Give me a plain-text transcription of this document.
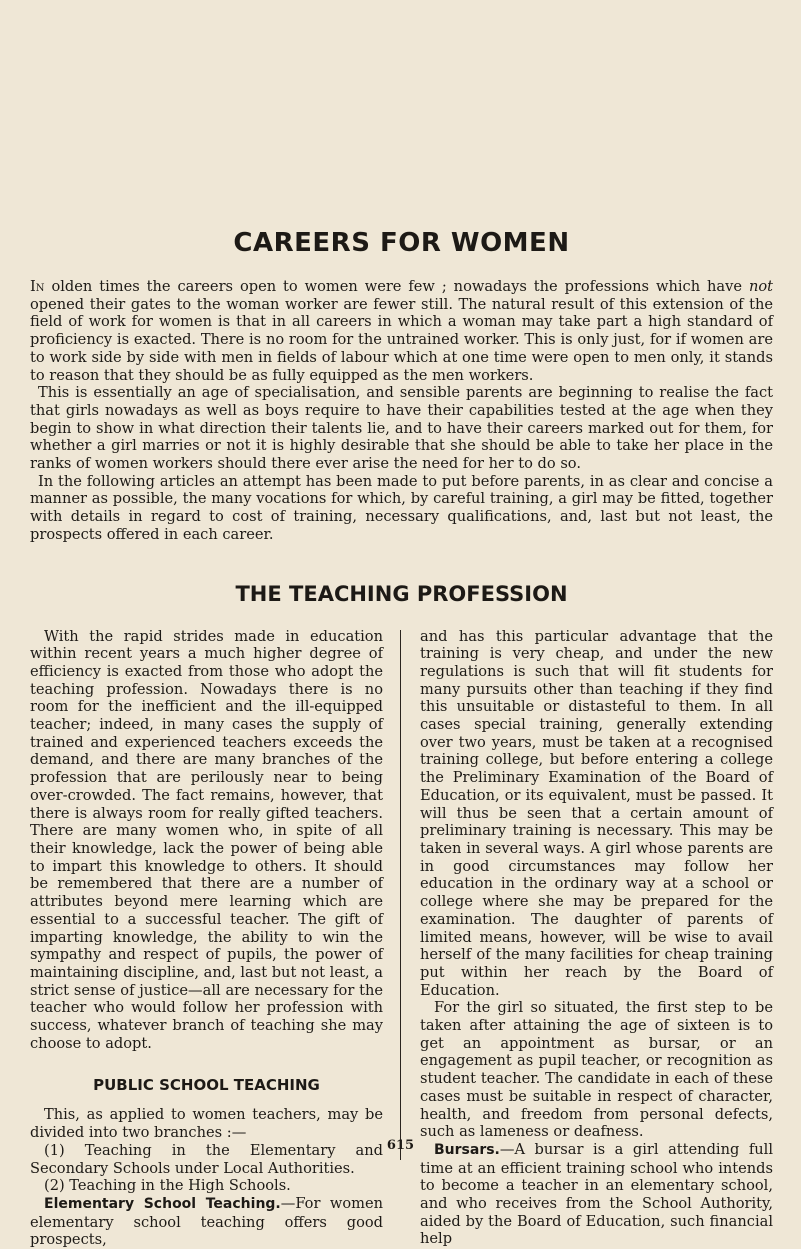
CAREERS FOR WOMEN

In olden times the careers open to women were few ; nowadays the professions which have not opened their gates to the woman worker are fewer still. The natural result of this extension of the field of work for women is that in all careers in which a woman may take part a high standard of proficiency is exacted. There is no room for the untrained worker. This is only just, for if women are to work side by side with men in fields of labour which at one time were open to men only, it stands to reason that they should be as fully equipped as the men workers.

This is essentially an age of specialisation, and sensible parents are beginning to realise the fact that girls nowadays as well as boys require to have their capabilities tested at the age when they begin to show in what direction their talents lie, and to have their careers marked out for them, for whether a girl marries or not it is highly desirable that she should be able to take her place in the ranks of women workers should there ever arise the need for her to do so.

In the following articles an attempt has been made to put before parents, in as clear and concise a manner as possible, the many vocations for which, by careful training, a girl may be fitted, together with details in regard to cost of training, necessary qualifications, and, last but not least, the prospects offered in each career.

THE TEACHING PROFESSION

With the rapid strides made in education within recent years a much higher degree of efficiency is exacted from those who adopt the teaching profession. Nowadays there is no room for the inefficient and the ill-equipped teacher; indeed, in many cases the supply of trained and experienced teachers exceeds the demand, and there are many branches of the profession that are perilously near to being over-crowded. The fact remains, however, that there is always room for really gifted teachers. There are many women who, in spite of all their knowledge, lack the power of being able to impart this knowledge to others. It should be remembered that there are a number of attributes beyond mere learning which are essential to a successful teacher. The gift of imparting knowledge, the ability to win the sympathy and respect of pupils, the power of maintaining discipline, and, last but not least, a strict sense of justice—all are necessary for the teacher who would follow her profession with success, whatever branch of teaching she may choose to adopt.

PUBLIC SCHOOL TEACHING

This, as applied to women teachers, may be divided into two branches :—

(1) Teaching in the Elementary and Secondary Schools under Local Authorities.

(2) Teaching in the High Schools.

Elementary School Teaching.—For women elementary school teaching offers good prospects,

and has this particular advantage that the training is very cheap, and under the new regulations is such that will fit students for many pursuits other than teaching if they find this unsuitable or distasteful to them. In all cases special training, generally extending over two years, must be taken at a recognised training college, but before entering a college the Preliminary Examination of the Board of Education, or its equivalent, must be passed. It will thus be seen that a certain amount of preliminary training is necessary. This may be taken in several ways. A girl whose parents are in good circumstances may follow her education in the ordinary way at a school or college where she may be prepared for the examination. The daughter of parents of limited means, however, will be wise to avail herself of the many facilities for cheap training put within her reach by the Board of Education.

For the girl so situated, the first step to be taken after attaining the age of sixteen is to get an appointment as bursar, or an engagement as pupil teacher, or recognition as student teacher. The candidate in each of these cases must be suitable in respect of character, health, and freedom from personal defects, such as lameness or deafness.

Bursars.—A bursar is a girl attending full time at an efficient training school who intends to become a teacher in an elementary school, and who receives from the School Authority, aided by the Board of Education, such financial help

615
